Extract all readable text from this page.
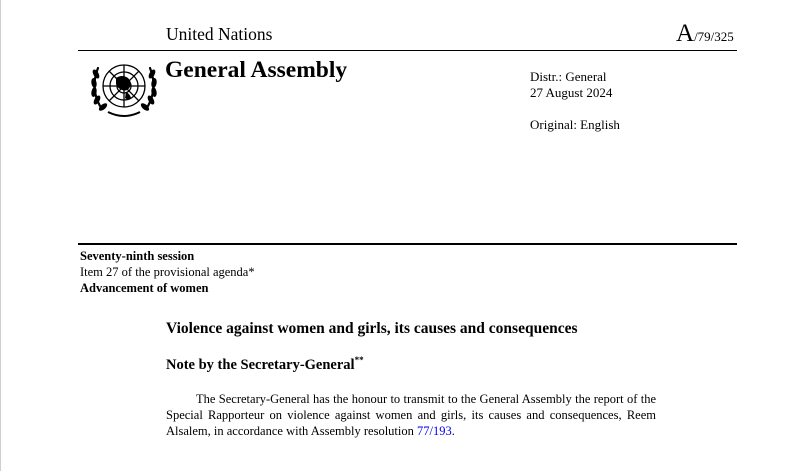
United Nations	A/79/325
General Assembly	Distr.: General
27 August 2024
Original: English
Seventy-ninth session
Item 27 of the provisional agenda*
Advancement of women
Violence against women and girls, its causes and consequences
Note by the Secretary-General**

The Secretary-General has the honour to transmit to the General Assembly the report of the Special Rapporteur on violence against women and girls, its causes and consequences, Reem Alsalem, in accordance with Assembly resolution 77/193.
